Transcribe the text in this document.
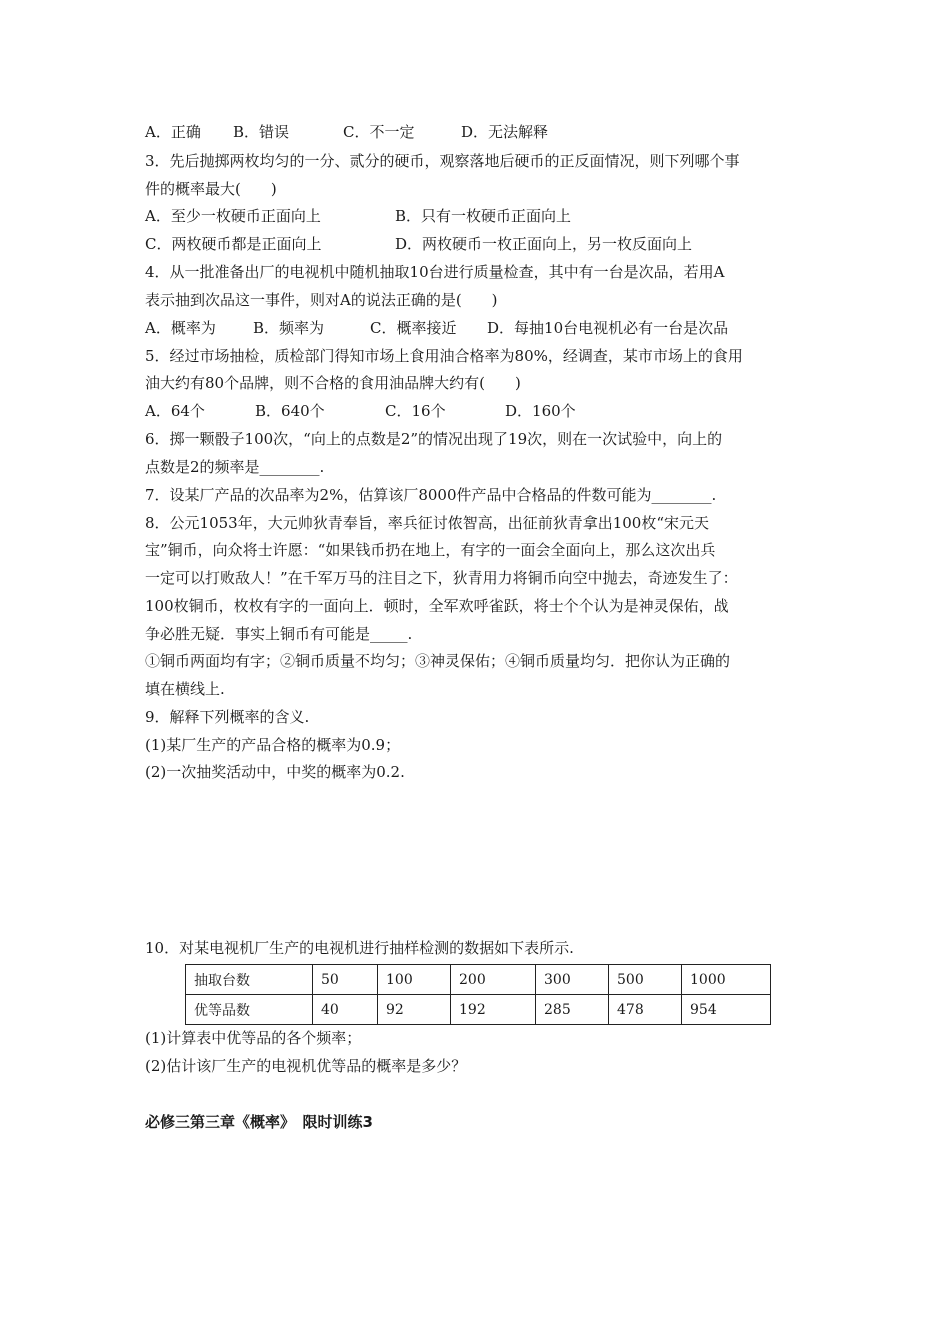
A．正确 B．错误	C．不一定	D．无法解释
3．先后抛掷两枚均匀的一分、贰分的硬币，观察落地后硬币的正反面情况，则下列哪个事
件的概率最大(　　)
A．至少一枚硬币正面向上	B．只有一枚硬币正面向上
C．两枚硬币都是正面向上	D．两枚硬币一枚正面向上，另一枚反面向上
4．从一批准备出厂的电视机中随机抽取10台进行质量检查，其中有一台是次品，若用A
表示抽到次品这一事件，则对A的说法正确的是(　　)
A．概率为 B．频率为	C．概率接近 D．每抽10台电视机必有一台是次品
5．经过市场抽检，质检部门得知市场上食用油合格率为80%，经调查，某市市场上的食用
油大约有80个品牌，则不合格的食用油品牌大约有(　　)
A．64个	B．640个	C．16个	D．160个
6．掷一颗骰子100次，“向上的点数是2”的情况出现了19次，则在一次试验中，向上的
点数是2的频率是________.
7．设某厂产品的次品率为2%，估算该厂8000件产品中合格品的件数可能为________.
8．公元1053年，大元帅狄青奉旨，率兵征讨侬智高，出征前狄青拿出100枚“宋元天
宝”铜币，向众将士许愿：“如果钱币扔在地上，有字的一面会全面向上，那么这次出兵
一定可以打败敌人！”在千军万马的注目之下，狄青用力将铜币向空中抛去，奇迹发生了：
100枚铜币，枚枚有字的一面向上．顿时，全军欢呼雀跃，将士个个认为是神灵保佑，战
争必胜无疑．事实上铜币有可能是_____.
①铜币两面均有字；②铜币质量不均匀；③神灵保佑；④铜币质量均匀．把你认为正确的
填在横线上.
9．解释下列概率的含义.
(1)某厂生产的产品合格的概率为0.9；
(2)一次抽奖活动中，中奖的概率为0.2.
10．对某电视机厂生产的电视机进行抽样检测的数据如下表所示.
抽取台数	50	100	200	300	500	1000
优等品数	40	92	192	285	478	954
(1)计算表中优等品的各个频率；
(2)估计该厂生产的电视机优等品的概率是多少？
必修三第三章《概率》　限时训练3
